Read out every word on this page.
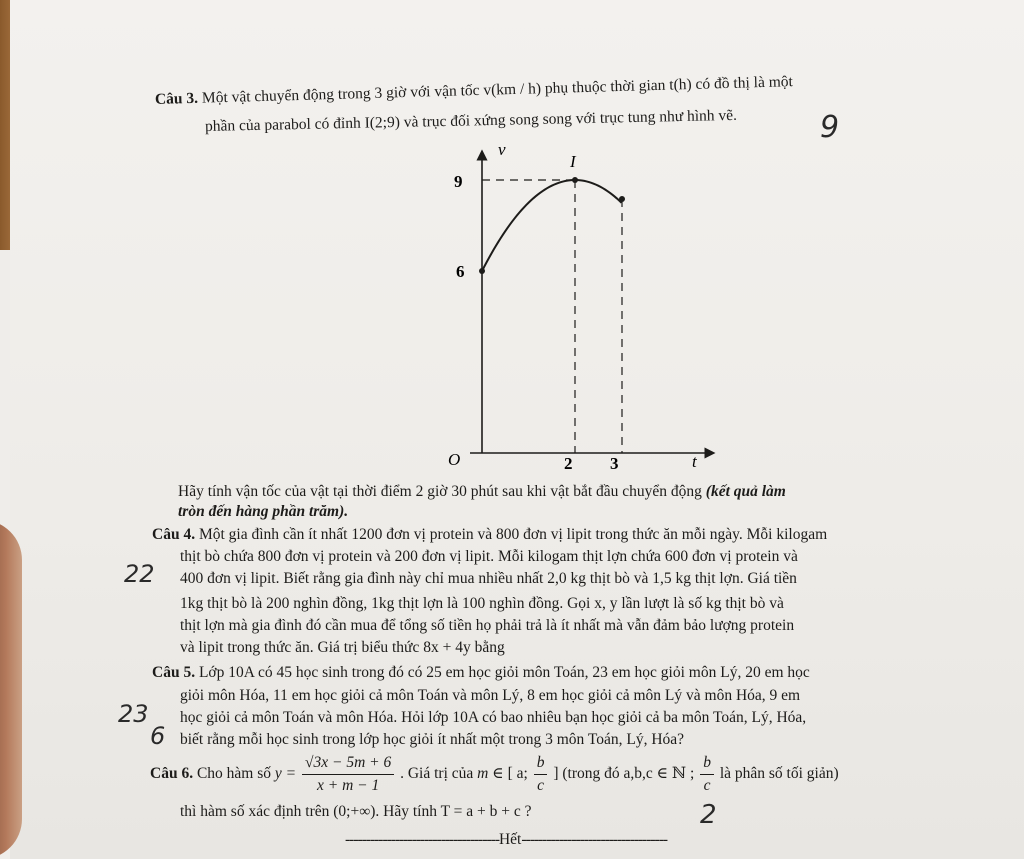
Câu 3. Một vật chuyển động trong 3 giờ với vận tốc v(km / h) phụ thuộc thời gian t(h) có đồ thị là một
phần của parabol có đỉnh I(2;9) và trục đối xứng song song với trục tung như hình vẽ.
v
t
I
O
9
6
2 3
Hãy tính vận tốc của vật tại thời điểm 2 giờ 30 phút sau khi vật bắt đầu chuyển động (kết quả làm
tròn đến hàng phần trăm).
Câu 4. Một gia đình cần ít nhất 1200 đơn vị protein và 800 đơn vị lipit trong thức ăn mỗi ngày. Mỗi kilogam
thịt bò chứa 800 đơn vị protein và 200 đơn vị lipit. Mỗi kilogam thịt lợn chứa 600 đơn vị protein và
400 đơn vị lipit. Biết rằng gia đình này chỉ mua nhiều nhất 2,0 kg thịt bò và 1,5 kg thịt lợn. Giá tiền
1kg thịt bò là 200 nghìn đồng, 1kg thịt lợn là 100 nghìn đồng. Gọi x, y lần lượt là số kg thịt bò và
thịt lợn mà gia đình đó cần mua để tổng số tiền họ phải trả là ít nhất mà vẫn đảm bảo lượng protein
và lipit trong thức ăn. Giá trị biểu thức 8x + 4y bằng
Câu 5. Lớp 10A có 45 học sinh trong đó có 25 em học giỏi môn Toán, 23 em học giỏi môn Lý, 20 em học
giỏi môn Hóa, 11 em học giỏi cả môn Toán và môn Lý, 8 em học giỏi cả môn Lý và môn Hóa, 9 em
học giỏi cả môn Toán và môn Hóa. Hỏi lớp 10A có bao nhiêu bạn học giỏi cả ba môn Toán, Lý, Hóa,
biết rằng mỗi học sinh trong lớp học giỏi ít nhất một trong 3 môn Toán, Lý, Hóa?
Câu 6. Cho hàm số $y = \frac{√3x - 5m + 6}{x + m - 1}$ . Giá trị của m ∈ [ a; $\frac{b}{c}$ ] (trong đó a,b,c ∈ ℕ ; $\frac{b}{c}$ là phân số tối giản)
thì hàm số xác định trên (0;+∞). Hãy tính T = a + b + c ?
-------------------------------------Hết-----------------------------------
9
22
23
6
2
